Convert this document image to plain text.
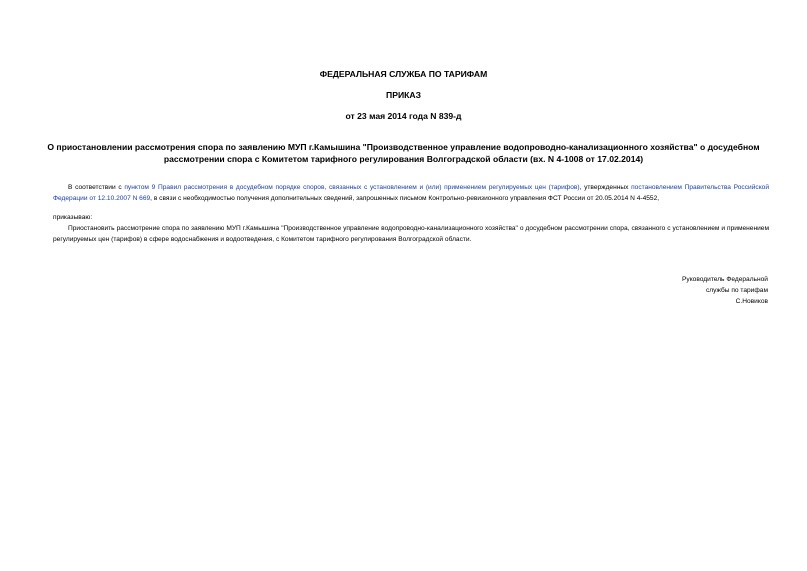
ФЕДЕРАЛЬНАЯ СЛУЖБА ПО ТАРИФАМ
ПРИКАЗ
от 23 мая 2014 года N 839-д
О приостановлении рассмотрения спора по заявлению МУП г.Камышина "Производственное управление водопроводно-канализационного хозяйства" о досудебном рассмотрении спора с Комитетом тарифного регулирования Волгоградской области (вх. N 4-1008 от 17.02.2014)
В соответствии с пунктом 9 Правил рассмотрения в досудебном порядке споров, связанных с установлением и (или) применением регулируемых цен (тарифов), утвержденных постановлением Правительства Российской Федерации от 12.10.2007 N 669, в связи с необходимостью получения дополнительных сведений, запрошенных письмом Контрольно-ревизионного управления ФСТ России от 20.05.2014 N 4-4552,
приказываю:
Приостановить рассмотрение спора по заявлению МУП г.Камышина "Производственное управление водопроводно-канализационного хозяйства" о досудебном рассмотрении спора, связанного с установлением и применением регулируемых цен (тарифов) в сфере водоснабжения и водоотведения, с Комитетом тарифного регулирования Волгоградской области.
Руководитель Федеральной
службы по тарифам
С.Новиков
